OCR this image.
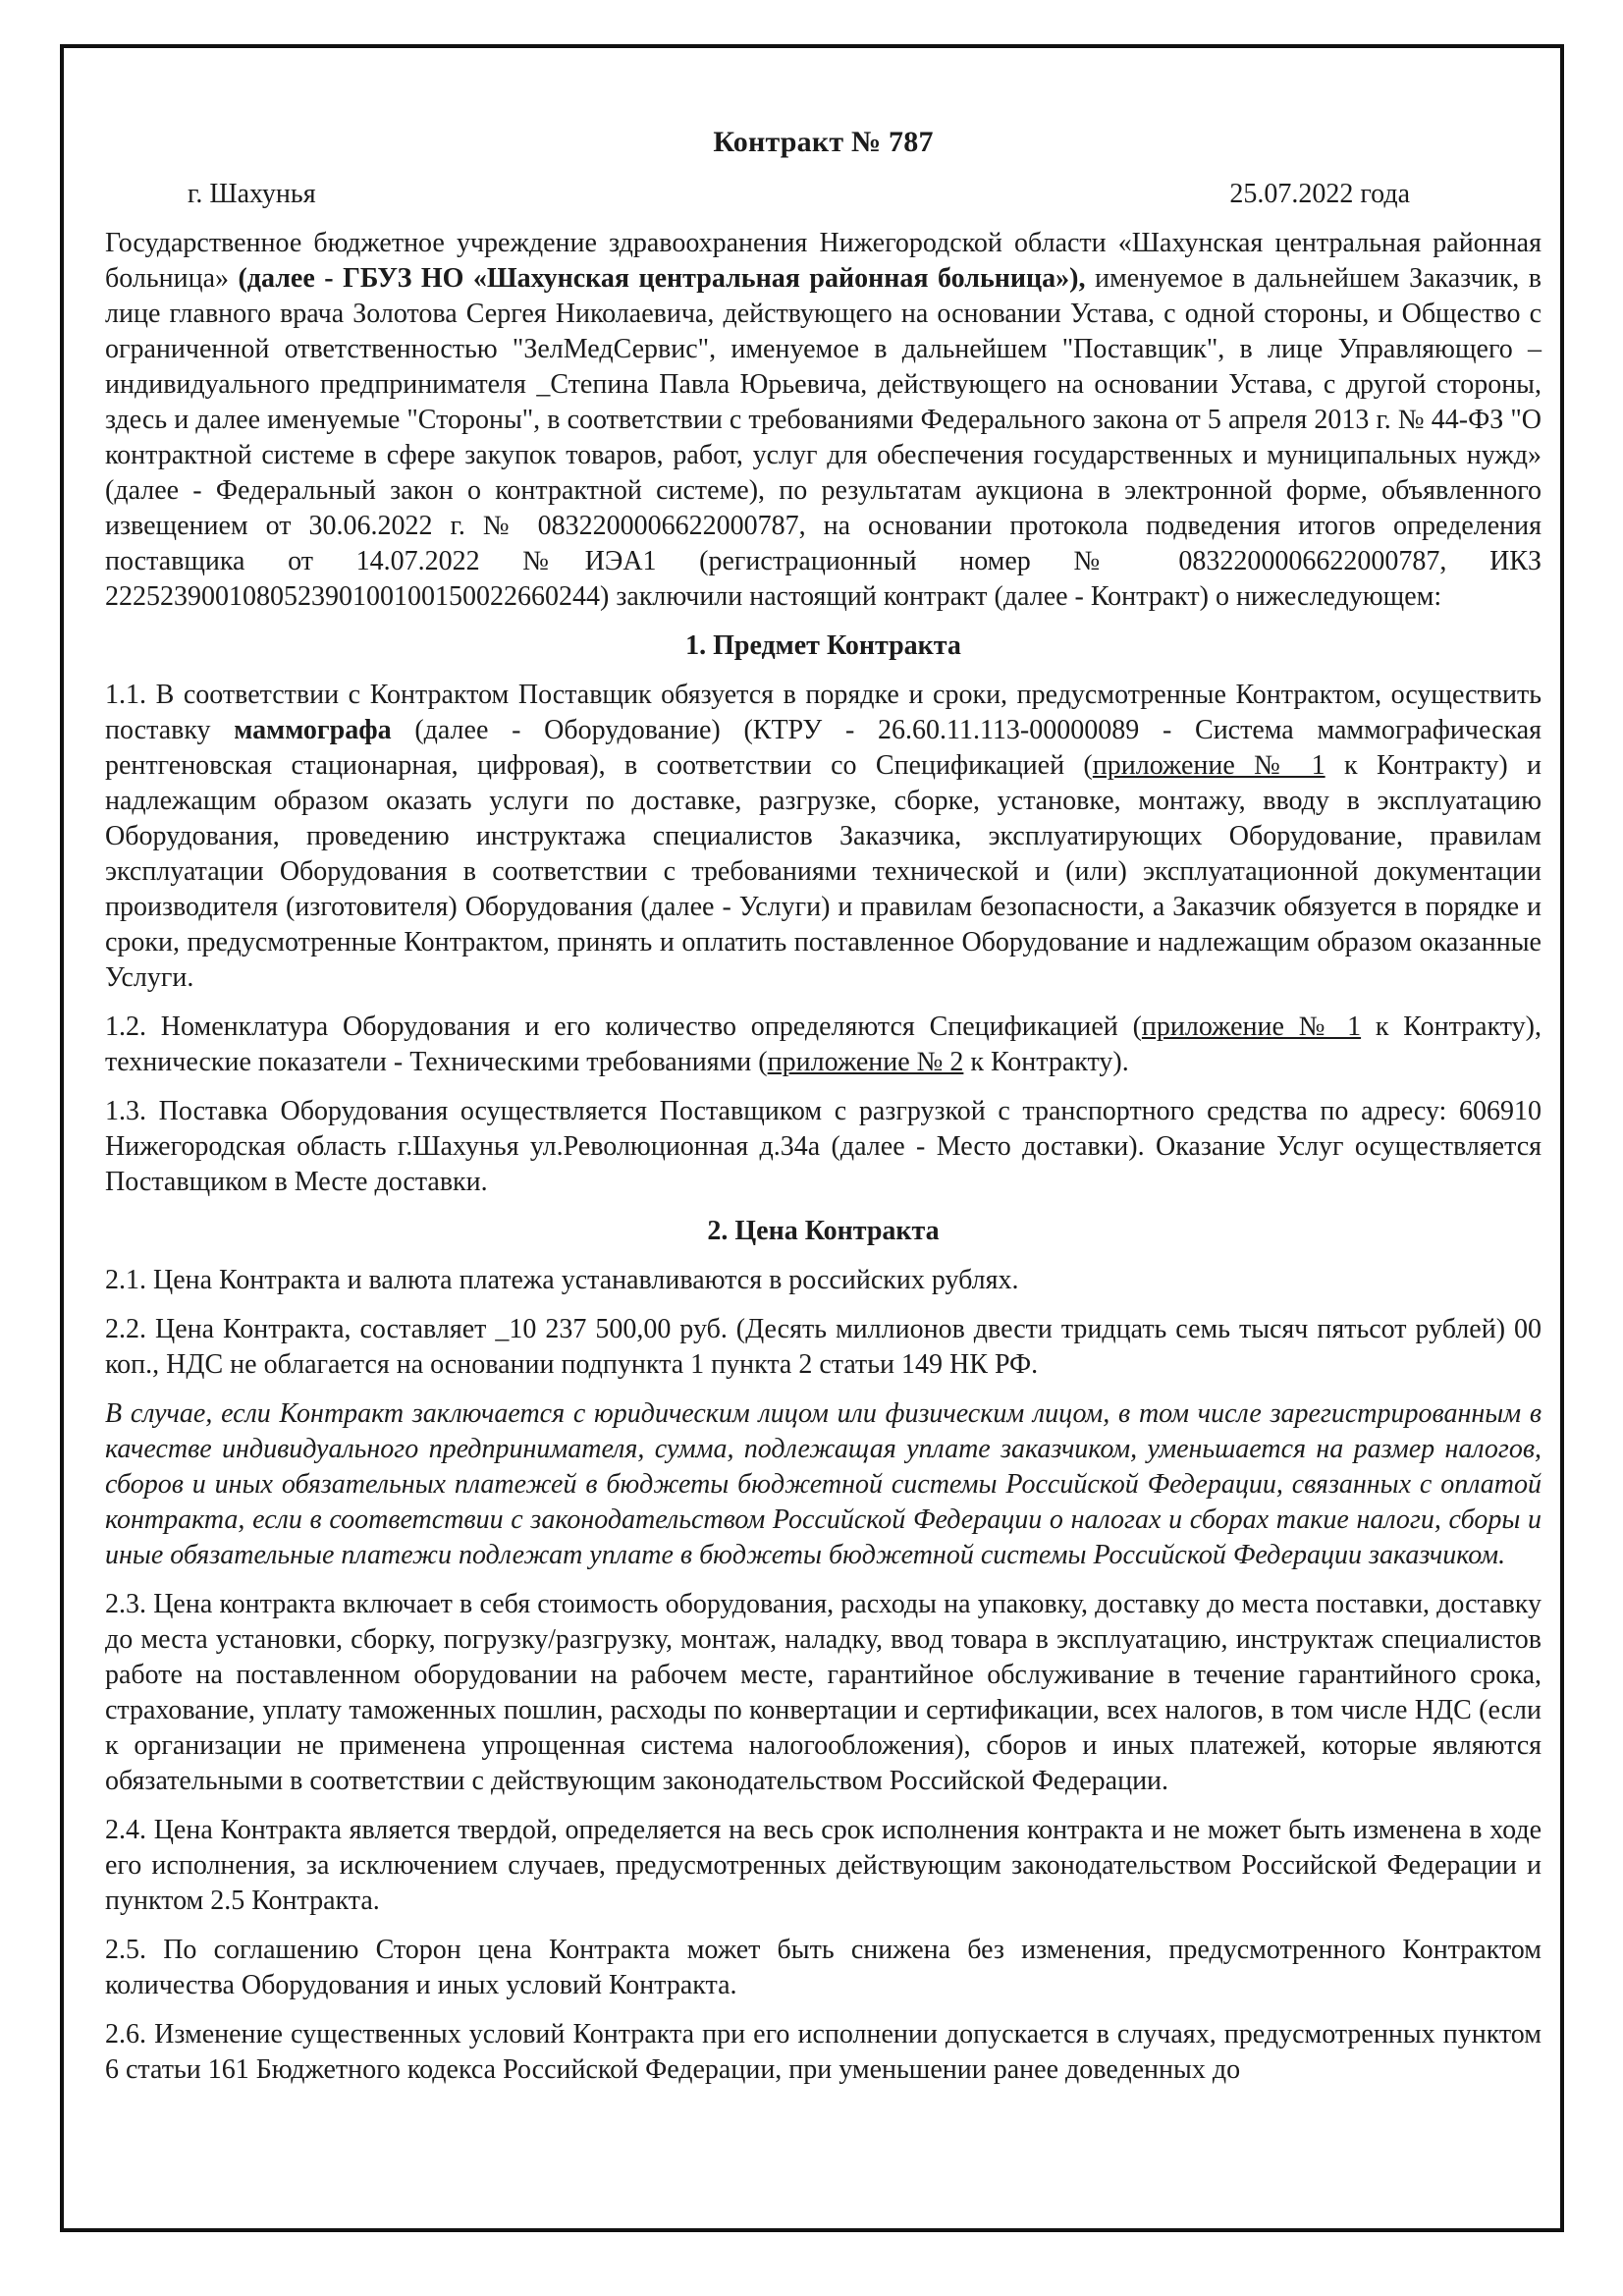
Контракт № 787
г. Шахунья	25.07.2022 года

Государственное бюджетное учреждение здравоохранения Нижегородской области «Шахунская центральная районная больница» (далее - ГБУЗ НО «Шахунская центральная районная больница»), именуемое в дальнейшем Заказчик, в лице главного врача Золотова Сергея Николаевича, действующего на основании Устава, с одной стороны, и Общество с ограниченной ответственностью "ЗелМедСервис", именуемое в дальнейшем "Поставщик", в лице Управляющего – индивидуального предпринимателя _Степина Павла Юрьевича, действующего на основании Устава, с другой стороны, здесь и далее именуемые "Стороны", в соответствии с требованиями Федерального закона от 5 апреля 2013 г. № 44-ФЗ "О контрактной системе в сфере закупок товаров, работ, услуг для обеспечения государственных и муниципальных нужд» (далее - Федеральный закон о контрактной системе), по результатам аукциона в электронной форме, объявленного извещением от 30.06.2022 г. № 0832200006622000787, на основании протокола подведения итогов определения поставщика от 14.07.2022 №ИЭА1 (регистрационный номер № 0832200006622000787, ИКЗ 222523900108052390100100150022660244) заключили настоящий контракт (далее - Контракт) о нижеследующем:

1. Предмет Контракта

1.1. В соответствии с Контрактом Поставщик обязуется в порядке и сроки, предусмотренные Контрактом, осуществить поставку маммографа (далее - Оборудование) (КТРУ - 26.60.11.113-00000089 - Система маммографическая рентгеновская стационарная, цифровая), в соответствии со Спецификацией (приложение № 1 к Контракту) и надлежащим образом оказать услуги по доставке, разгрузке, сборке, установке, монтажу, вводу в эксплуатацию Оборудования, проведению инструктажа специалистов Заказчика, эксплуатирующих Оборудование, правилам эксплуатации Оборудования в соответствии с требованиями технической и (или) эксплуатационной документации производителя (изготовителя) Оборудования (далее - Услуги) и правилам безопасности, а Заказчик обязуется в порядке и сроки, предусмотренные Контрактом, принять и оплатить поставленное Оборудование и надлежащим образом оказанные Услуги.

1.2. Номенклатура Оборудования и его количество определяются Спецификацией (приложение № 1 к Контракту), технические показатели - Техническими требованиями (приложение № 2 к Контракту).

1.3. Поставка Оборудования осуществляется Поставщиком с разгрузкой с транспортного средства по адресу: 606910 Нижегородская область г.Шахунья ул.Революционная д.34а (далее - Место доставки). Оказание Услуг осуществляется Поставщиком в Месте доставки.

2. Цена Контракта

2.1. Цена Контракта и валюта платежа устанавливаются в российских рублях.

2.2. Цена Контракта, составляет _10 237 500,00 руб. (Десять миллионов двести тридцать семь тысяч пятьсот рублей) 00 коп., НДС не облагается на основании подпункта 1 пункта 2 статьи 149 НК РФ.

В случае, если Контракт заключается с юридическим лицом или физическим лицом, в том числе зарегистрированным в качестве индивидуального предпринимателя, сумма, подлежащая уплате заказчиком, уменьшается на размер налогов, сборов и иных обязательных платежей в бюджеты бюджетной системы Российской Федерации, связанных с оплатой контракта, если в соответствии с законодательством Российской Федерации о налогах и сборах такие налоги, сборы и иные обязательные платежи подлежат уплате в бюджеты бюджетной системы Российской Федерации заказчиком.

2.3. Цена контракта включает в себя стоимость оборудования, расходы на упаковку, доставку до места поставки, доставку до места установки, сборку, погрузку/разгрузку, монтаж, наладку, ввод товара в эксплуатацию, инструктаж специалистов работе на поставленном оборудовании на рабочем месте, гарантийное обслуживание в течение гарантийного срока, страхование, уплату таможенных пошлин, расходы по конвертации и сертификации, всех налогов, в том числе НДС (если к организации не применена упрощенная система налогообложения), сборов и иных платежей, которые являются обязательными в соответствии с действующим законодательством Российской Федерации.

2.4. Цена Контракта является твердой, определяется на весь срок исполнения контракта и не может быть изменена в ходе его исполнения, за исключением случаев, предусмотренных действующим законодательством Российской Федерации и пунктом 2.5 Контракта.

2.5. По соглашению Сторон цена Контракта может быть снижена без изменения, предусмотренного Контрактом количества Оборудования и иных условий Контракта.

2.6. Изменение существенных условий Контракта при его исполнении допускается в случаях, предусмотренных пунктом 6 статьи 161 Бюджетного кодекса Российской Федерации, при уменьшении ранее доведенных до
